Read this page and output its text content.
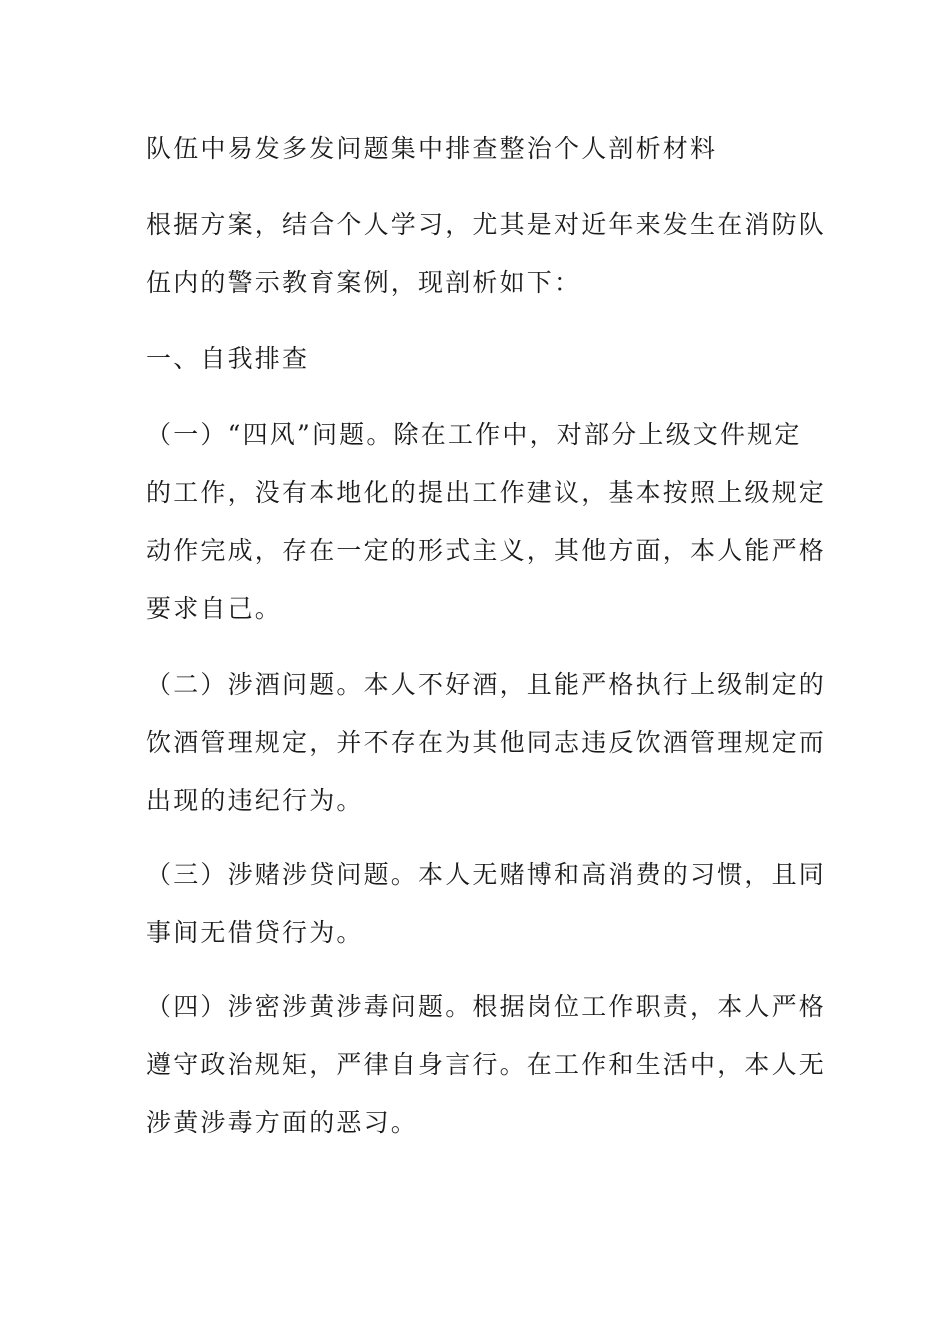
队伍中易发多发问题集中排查整治个人剖析材料
根据方案，结合个人学习，尤其是对近年来发生在消防队
伍内的警示教育案例，现剖析如下：
一、自我排查
（一）“四风”问题。除在工作中，对部分上级文件规定
的工作，没有本地化的提出工作建议，基本按照上级规定
动作完成，存在一定的形式主义，其他方面，本人能严格
要求自己。
（二）涉酒问题。本人不好酒，且能严格执行上级制定的
饮酒管理规定，并不存在为其他同志违反饮酒管理规定而
出现的违纪行为。
（三）涉赌涉贷问题。本人无赌博和高消费的习惯，且同
事间无借贷行为。
（四）涉密涉黄涉毒问题。根据岗位工作职责，本人严格
遵守政治规矩，严律自身言行。在工作和生活中，本人无
涉黄涉毒方面的恶习。
